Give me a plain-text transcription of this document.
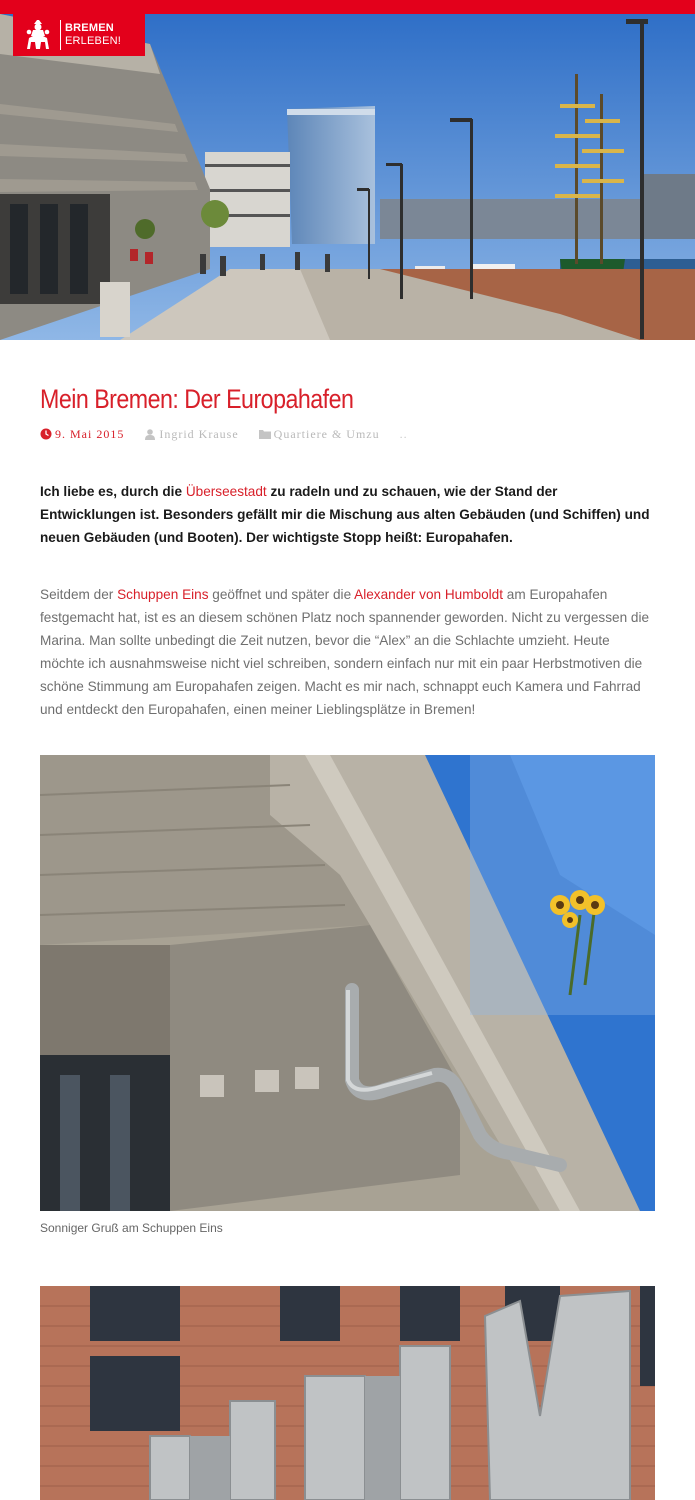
BREMEN
ERLEBEN!
Mein Bremen: Der Europahafen
9. Mai 2015	Ingrid Krause	Quartiere & Umzu ..

Ich liebe es, durch die Überseestadt zu radeln und zu schauen, wie der Stand der Entwicklungen ist. Besonders gefällt mir die Mischung aus alten Gebäuden (und Schiffen) und neuen Gebäuden (und Booten). Der wichtigste Stopp heißt: Europahafen.

Seitdem der Schuppen Eins geöffnet und später die Alexander von Humboldt am Europahafen festgemacht hat, ist es an diesem schönen Platz noch spannender geworden. Nicht zu vergessen die Marina. Man sollte unbedingt die Zeit nutzen, bevor die “Alex” an die Schlachte umzieht. Heute möchte ich ausnahmsweise nicht viel schreiben, sondern einfach nur mit ein paar Herbstmotiven die schöne Stimmung am Europahafen zeigen. Macht es mir nach, schnappt euch Kamera und Fahrrad und entdeckt den Europahafen, einen meiner Lieblingsplätze in Bremen!

Sonniger Gruß am Schuppen Eins
